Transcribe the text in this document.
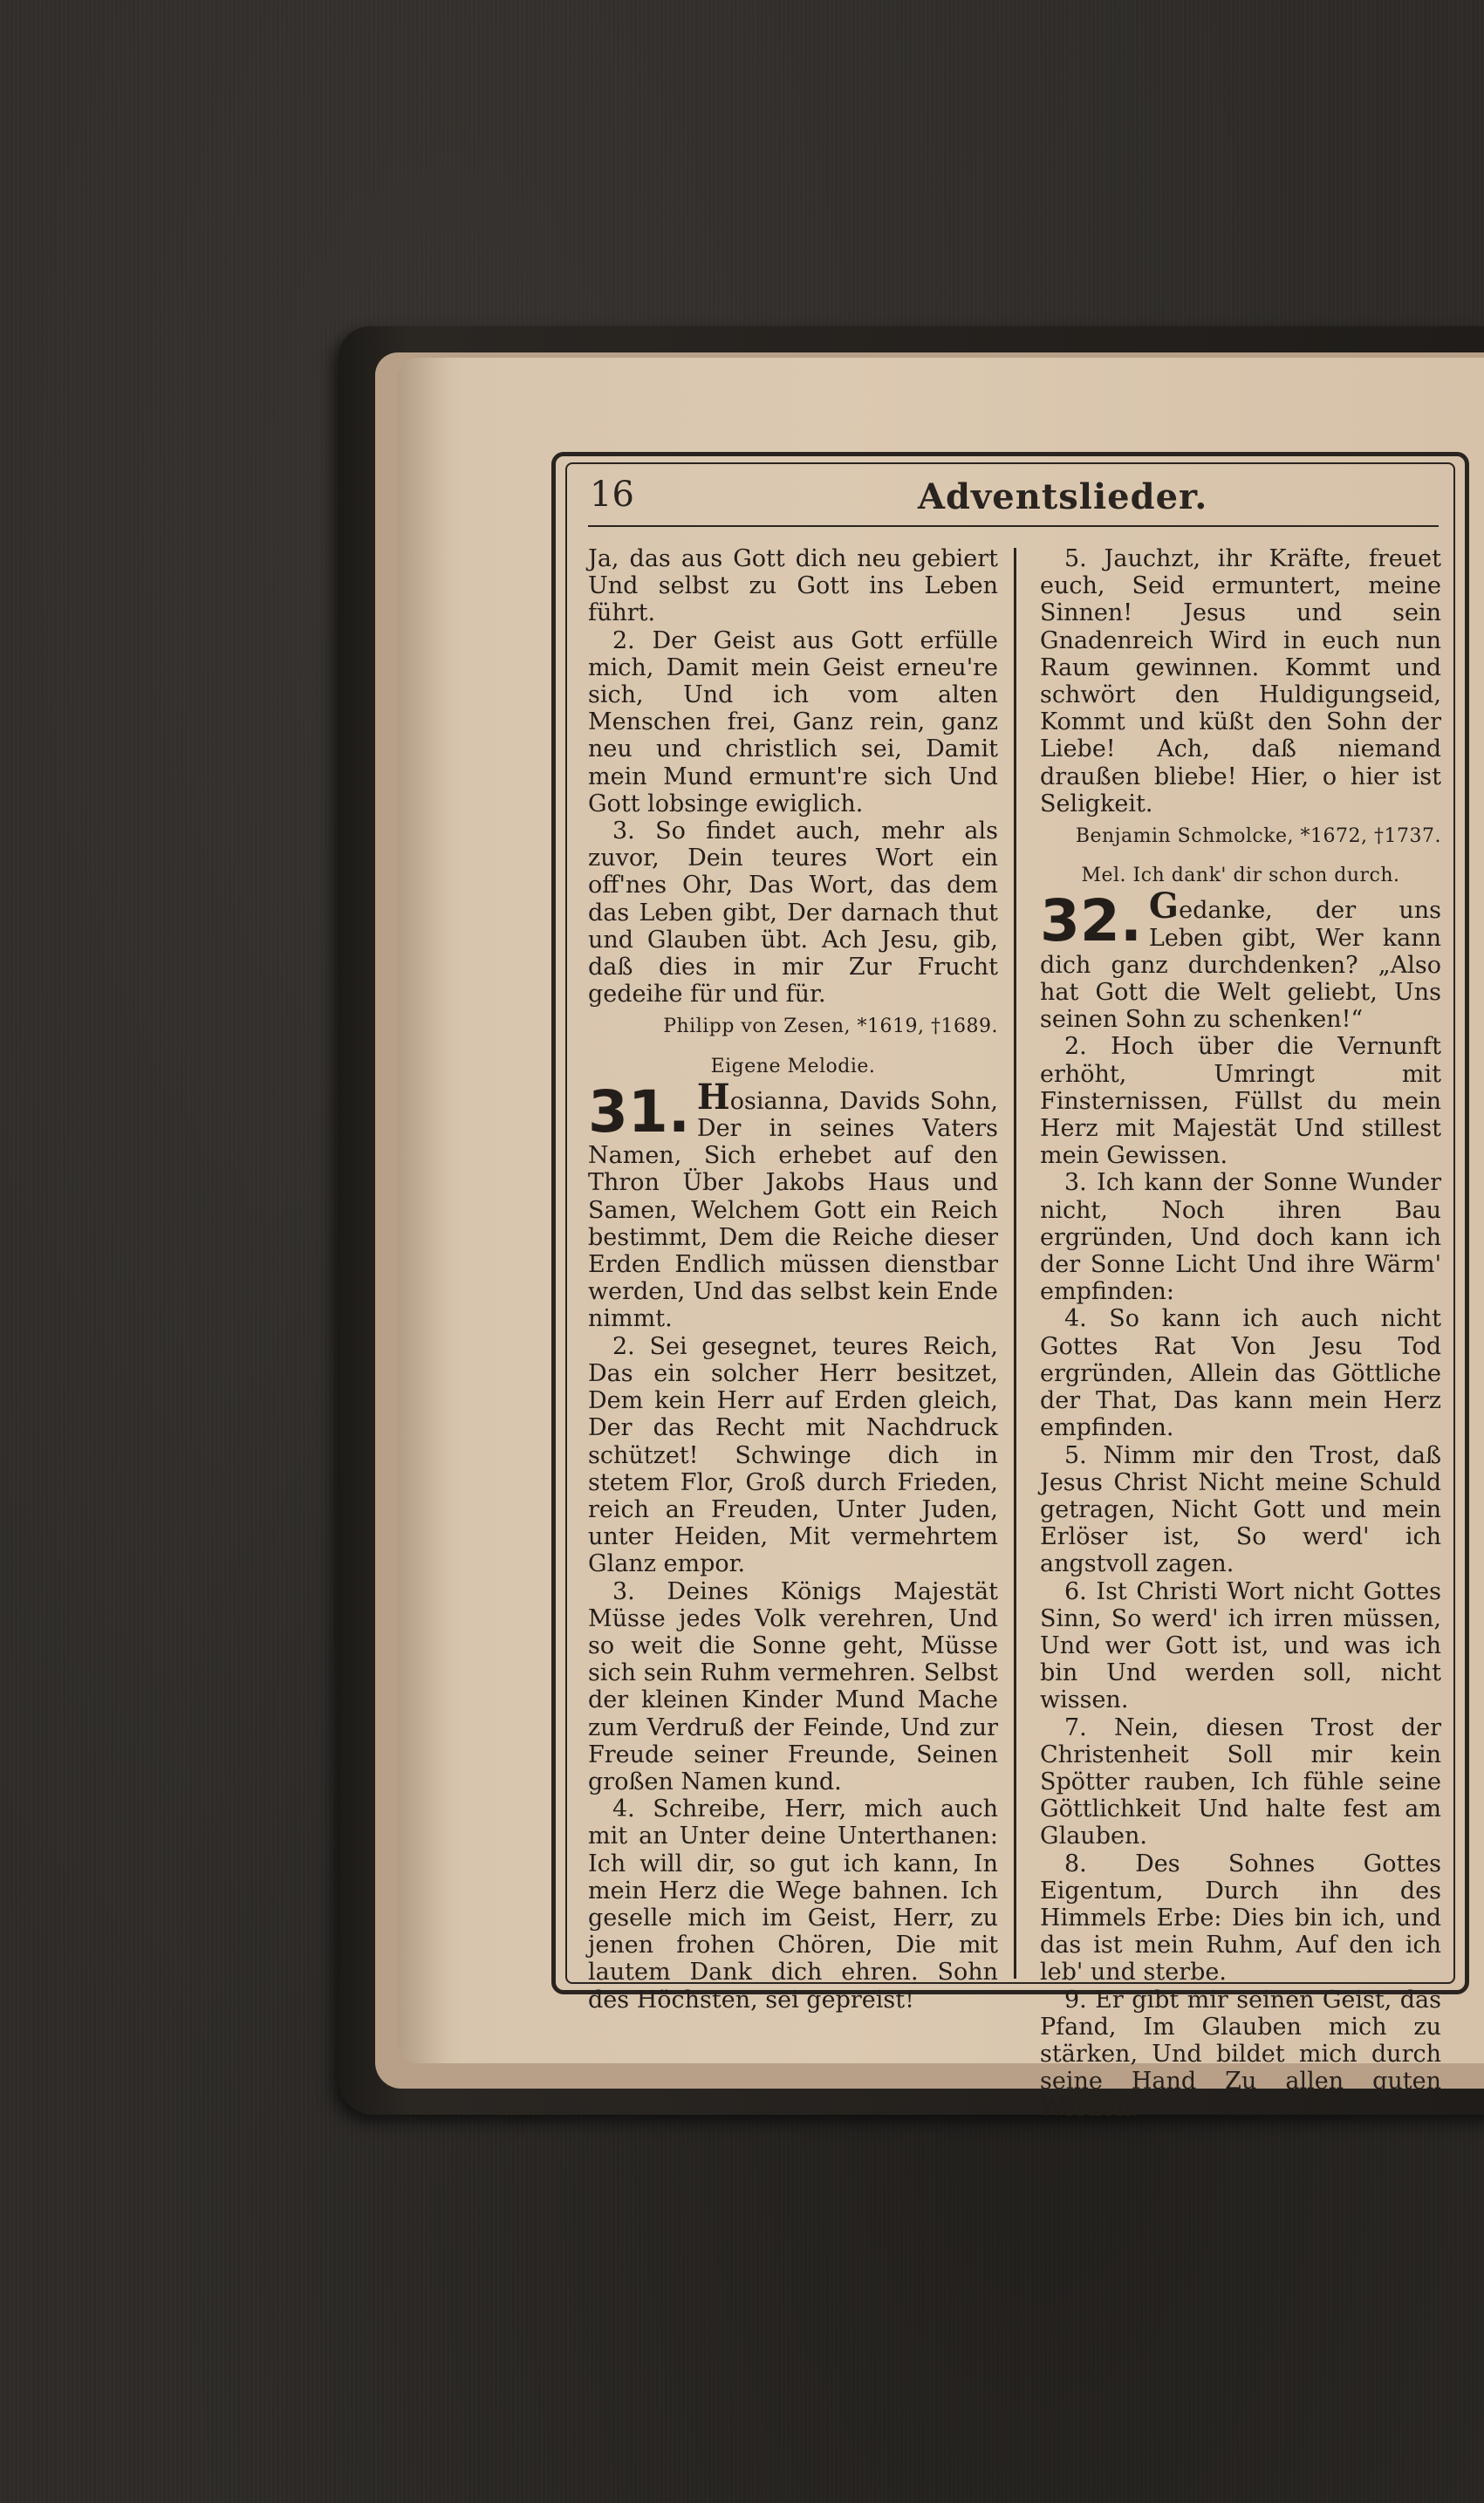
16	Adventslieder.

Ja, das aus Gott dich neu gebiert Und selbst zu Gott ins Leben führt.

2. Der Geist aus Gott erfülle mich, Damit mein Geist erneu're sich, Und ich vom alten Menschen frei, Ganz rein, ganz neu und christlich sei, Damit mein Mund ermunt're sich Und Gott lobsinge ewiglich.

3. So findet auch, mehr als zuvor, Dein teures Wort ein off'nes Ohr, Das Wort, das dem das Leben gibt, Der darnach thut und Glauben übt. Ach Jesu, gib, daß dies in mir Zur Frucht gedeihe für und für.

Philipp von Zesen, *1619, †1689.

Eigene Melodie.

31. Hosianna, Davids Sohn, Der in seines Vaters Namen, Sich erhebet auf den Thron Über Jakobs Haus und Samen, Welchem Gott ein Reich bestimmt, Dem die Reiche dieser Erden Endlich müssen dienstbar werden, Und das selbst kein Ende nimmt.

2. Sei gesegnet, teures Reich, Das ein solcher Herr besitzet, Dem kein Herr auf Erden gleich, Der das Recht mit Nachdruck schützet! Schwinge dich in stetem Flor, Groß durch Frieden, reich an Freuden, Unter Juden, unter Heiden, Mit vermehrtem Glanz empor.

3. Deines Königs Majestät Müsse jedes Volk verehren, Und so weit die Sonne geht, Müsse sich sein Ruhm vermehren. Selbst der kleinen Kinder Mund Mache zum Verdruß der Feinde, Und zur Freude seiner Freunde, Seinen großen Namen kund.

4. Schreibe, Herr, mich auch mit an Unter deine Unterthanen: Ich will dir, so gut ich kann, In mein Herz die Wege bahnen. Ich geselle mich im Geist, Herr, zu jenen frohen Chören, Die mit lautem Dank dich ehren. Sohn des Höchsten, sei gepreist!

5. Jauchzt, ihr Kräfte, freuet euch, Seid ermuntert, meine Sinnen! Jesus und sein Gnadenreich Wird in euch nun Raum gewinnen. Kommt und schwört den Huldigungseid, Kommt und küßt den Sohn der Liebe! Ach, daß niemand draußen bliebe! Hier, o hier ist Seligkeit.

Benjamin Schmolcke, *1672, †1737.

Mel. Ich dank' dir schon durch.

32. Gedanke, der uns Leben gibt, Wer kann dich ganz durchdenken? „Also hat Gott die Welt geliebt, Uns seinen Sohn zu schenken!“

2. Hoch über die Vernunft erhöht, Umringt mit Finsternissen, Füllst du mein Herz mit Majestät Und stillest mein Gewissen.

3. Ich kann der Sonne Wunder nicht, Noch ihren Bau ergründen, Und doch kann ich der Sonne Licht Und ihre Wärm' empfinden:

4. So kann ich auch nicht Gottes Rat Von Jesu Tod ergründen, Allein das Göttliche der That, Das kann mein Herz empfinden.

5. Nimm mir den Trost, daß Jesus Christ Nicht meine Schuld getragen, Nicht Gott und mein Erlöser ist, So werd' ich angstvoll zagen.

6. Ist Christi Wort nicht Gottes Sinn, So werd' ich irren müssen, Und wer Gott ist, und was ich bin Und werden soll, nicht wissen.

7. Nein, diesen Trost der Christenheit Soll mir kein Spötter rauben, Ich fühle seine Göttlichkeit Und halte fest am Glauben.

8. Des Sohnes Gottes Eigentum, Durch ihn des Himmels Erbe: Dies bin ich, und das ist mein Ruhm, Auf den ich leb' und sterbe.

9. Er gibt mir seinen Geist, das Pfand, Im Glauben mich zu stärken, Und bildet mich durch seine Hand Zu allen guten Werken.
